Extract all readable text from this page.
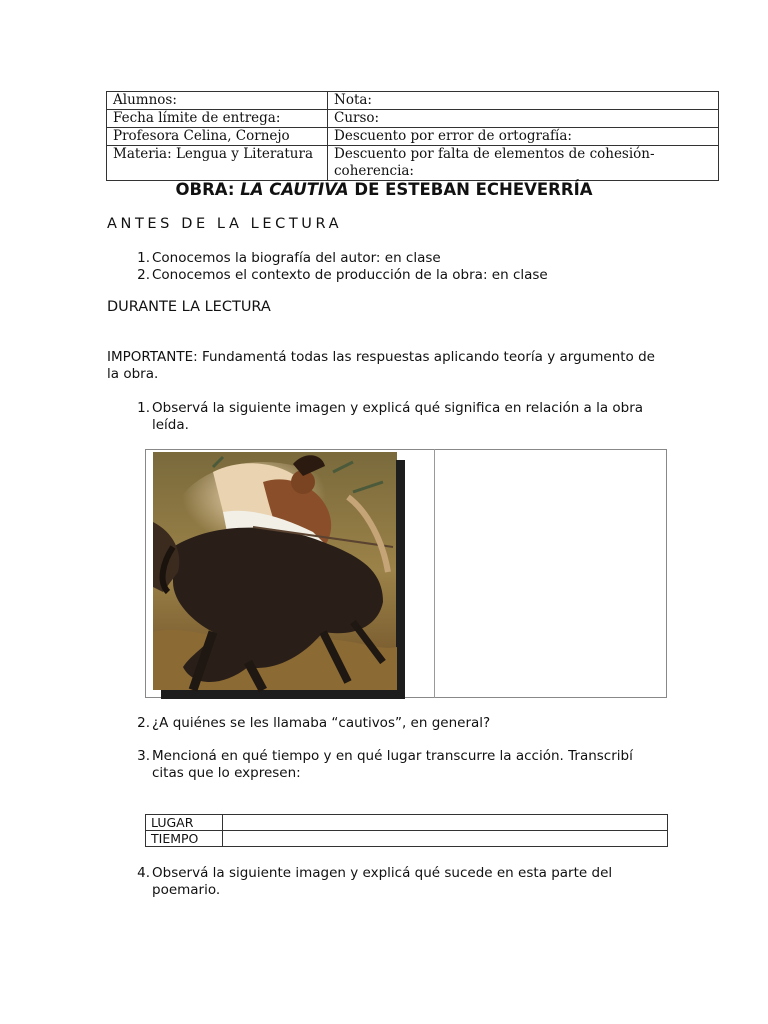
Alumnos:	Nota:
Fecha límite de entrega:	Curso:
Profesora Celina, Cornejo	Descuento por error de ortografía:
Materia: Lengua y Literatura	Descuento por falta de elementos de cohesión-coherencia:
OBRA: LA CAUTIVA DE ESTEBAN ECHEVERRÍA
ANTES DE LA LECTURA
1. Conocemos la biografía del autor: en clase
2. Conocemos el contexto de producción de la obra: en clase
DURANTE LA LECTURA
IMPORTANTE: Fundamentá todas las respuestas aplicando teoría y argumento de la obra.
1. Observá la siguiente imagen y explicá qué significa en relación a la obra leída.
2. ¿A quiénes se les llamaba “cautivos”, en general?
3. Mencioná en qué tiempo y en qué lugar transcurre la acción. Transcribí citas que lo expresen:
LUGAR	
TIEMPO	
4. Observá la siguiente imagen y explicá qué sucede en esta parte del poemario.
